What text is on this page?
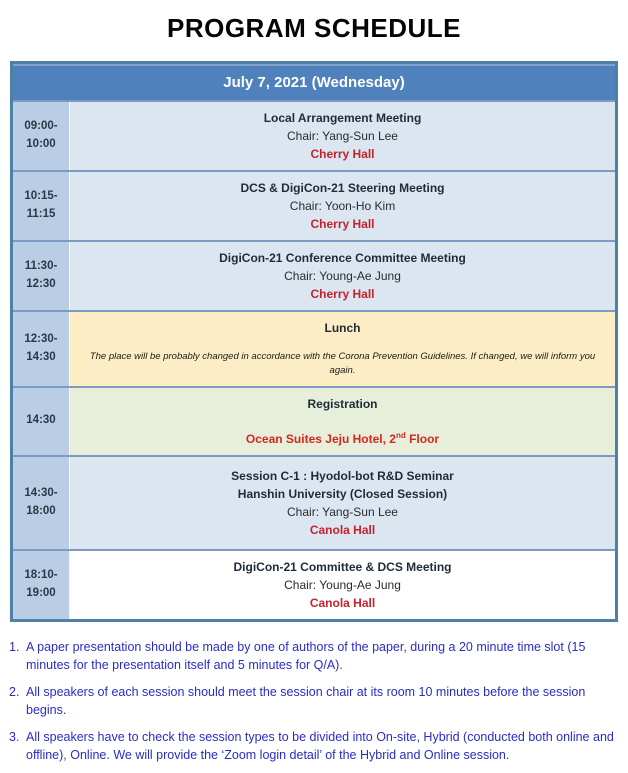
PROGRAM SCHEDULE
July 7, 2021 (Wednesday)
09:00-
10:00
Local Arrangement Meeting
Chair: Yang-Sun Lee
Cherry Hall
10:15-
11:15
DCS & DigiCon-21 Steering Meeting
Chair: Yoon-Ho Kim
Cherry Hall
11:30-
12:30
DigiCon-21 Conference Committee Meeting
Chair: Young-Ae Jung
Cherry Hall
12:30-
14:30
Lunch
The place will be probably changed in accordance with the Corona Prevention Guidelines. If changed, we will inform you again.
14:30
Registration
Ocean Suites Jeju Hotel, 2nd Floor
14:30-
18:00
Session C-1 : Hyodol-bot R&D Seminar
Hanshin University (Closed Session)
Chair: Yang-Sun Lee
Canola Hall
18:10-
19:00
DigiCon-21 Committee & DCS Meeting
Chair: Young-Ae Jung
Canola Hall
1. A paper presentation should be made by one of authors of the paper, during a 20 minute time slot (15 minutes for the presentation itself and 5 minutes for Q/A).
2. All speakers of each session should meet the session chair at its room 10 minutes before the session begins.
3. All speakers have to check the session types to be divided into On-site, Hybrid (conducted both online and offline), Online. We will provide the ‘Zoom login detail’ of the Hybrid and Online session.
